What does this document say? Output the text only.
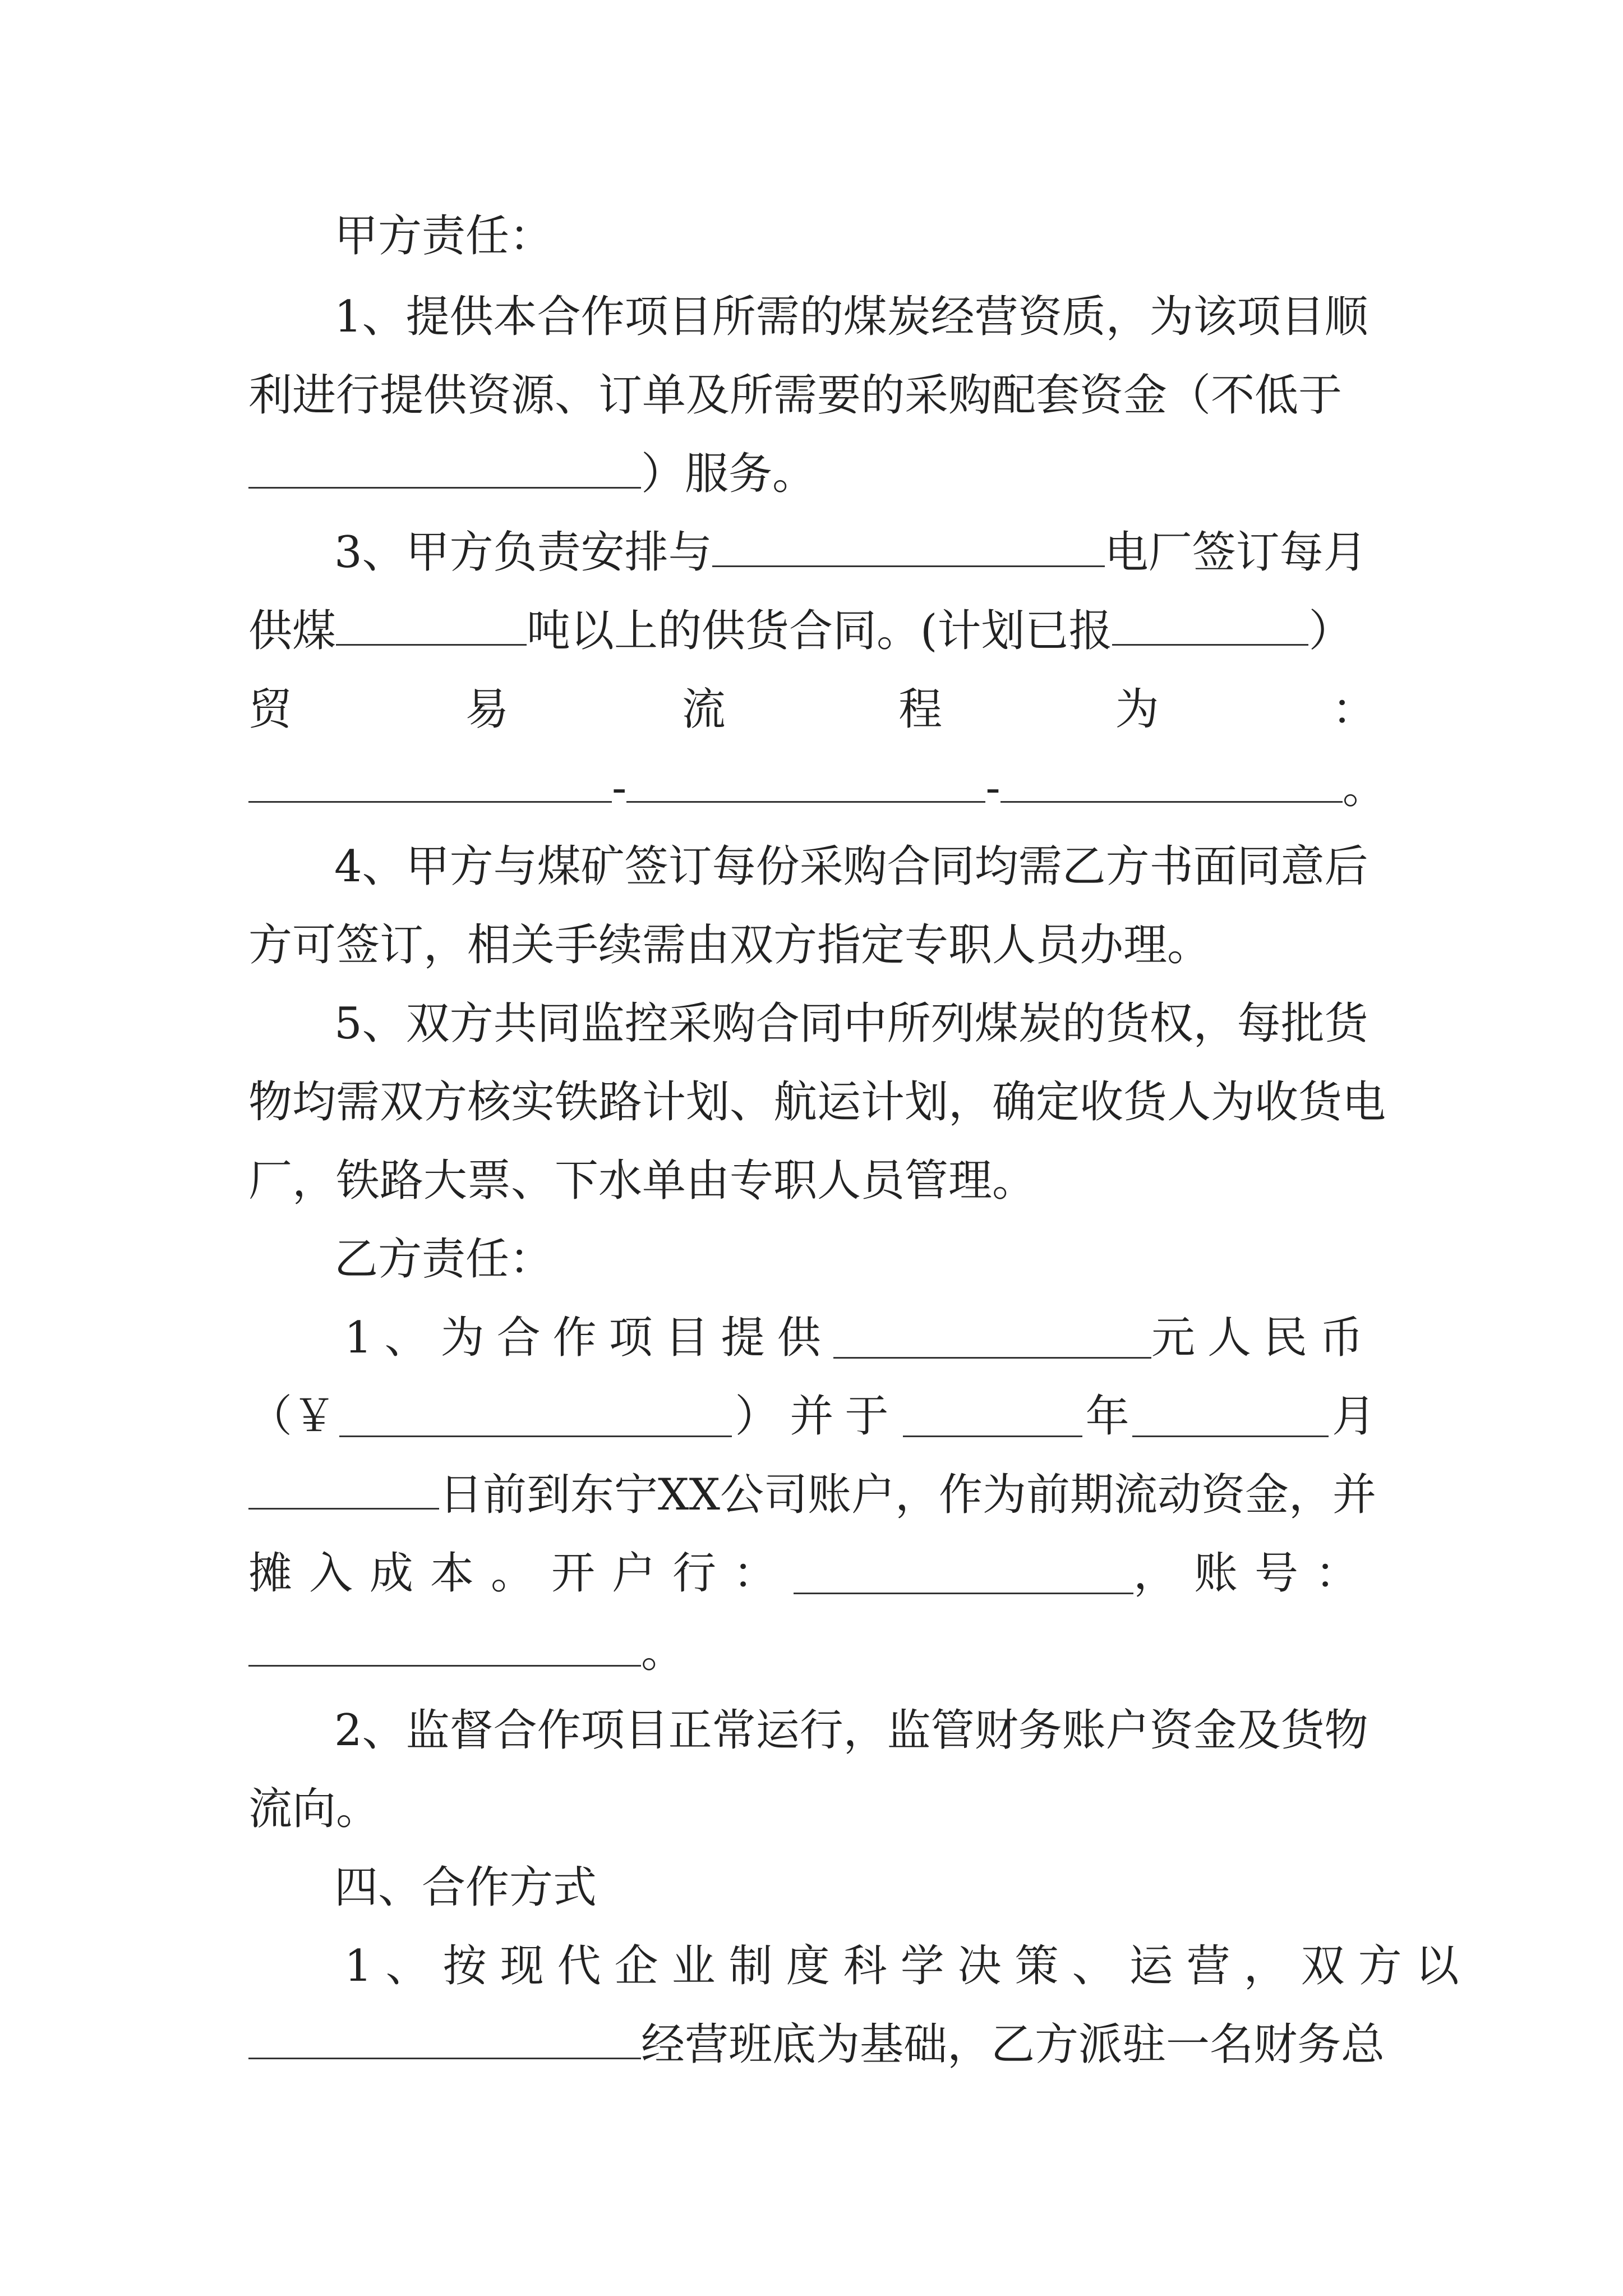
甲方责任：
1、提供本合作项目所需的煤炭经营资质，为该项目顺
利进行提供资源、订单及所需要的采购配套资金（不低于
）服务。
3、甲方负责安排与	电厂签订每月
供煤	吨以上的供货合同。(计划已报	）
贸	易	流	程	为	：
-	-	。
4、甲方与煤矿签订每份采购合同均需乙方书面同意后
方可签订，相关手续需由双方指定专职人员办理。
5、双方共同监控采购合同中所列煤炭的货权，每批货
物均需双方核实铁路计划、航运计划，确定收货人为收货电
厂，铁路大票、下水单由专职人员管理。
乙方责任：
1、为合作项目提供	元人民币
（￥	）并于	年	月
日前到东宁XX公司账户，作为前期流动资金，并
摊入成本。开户行：	，账号：
。
2、监督合作项目正常运行，监管财务账户资金及货物
流向。
四、合作方式
1、按现代企业制度科学决策、运营，双方以
经营班底为基础，乙方派驻一名财务总
